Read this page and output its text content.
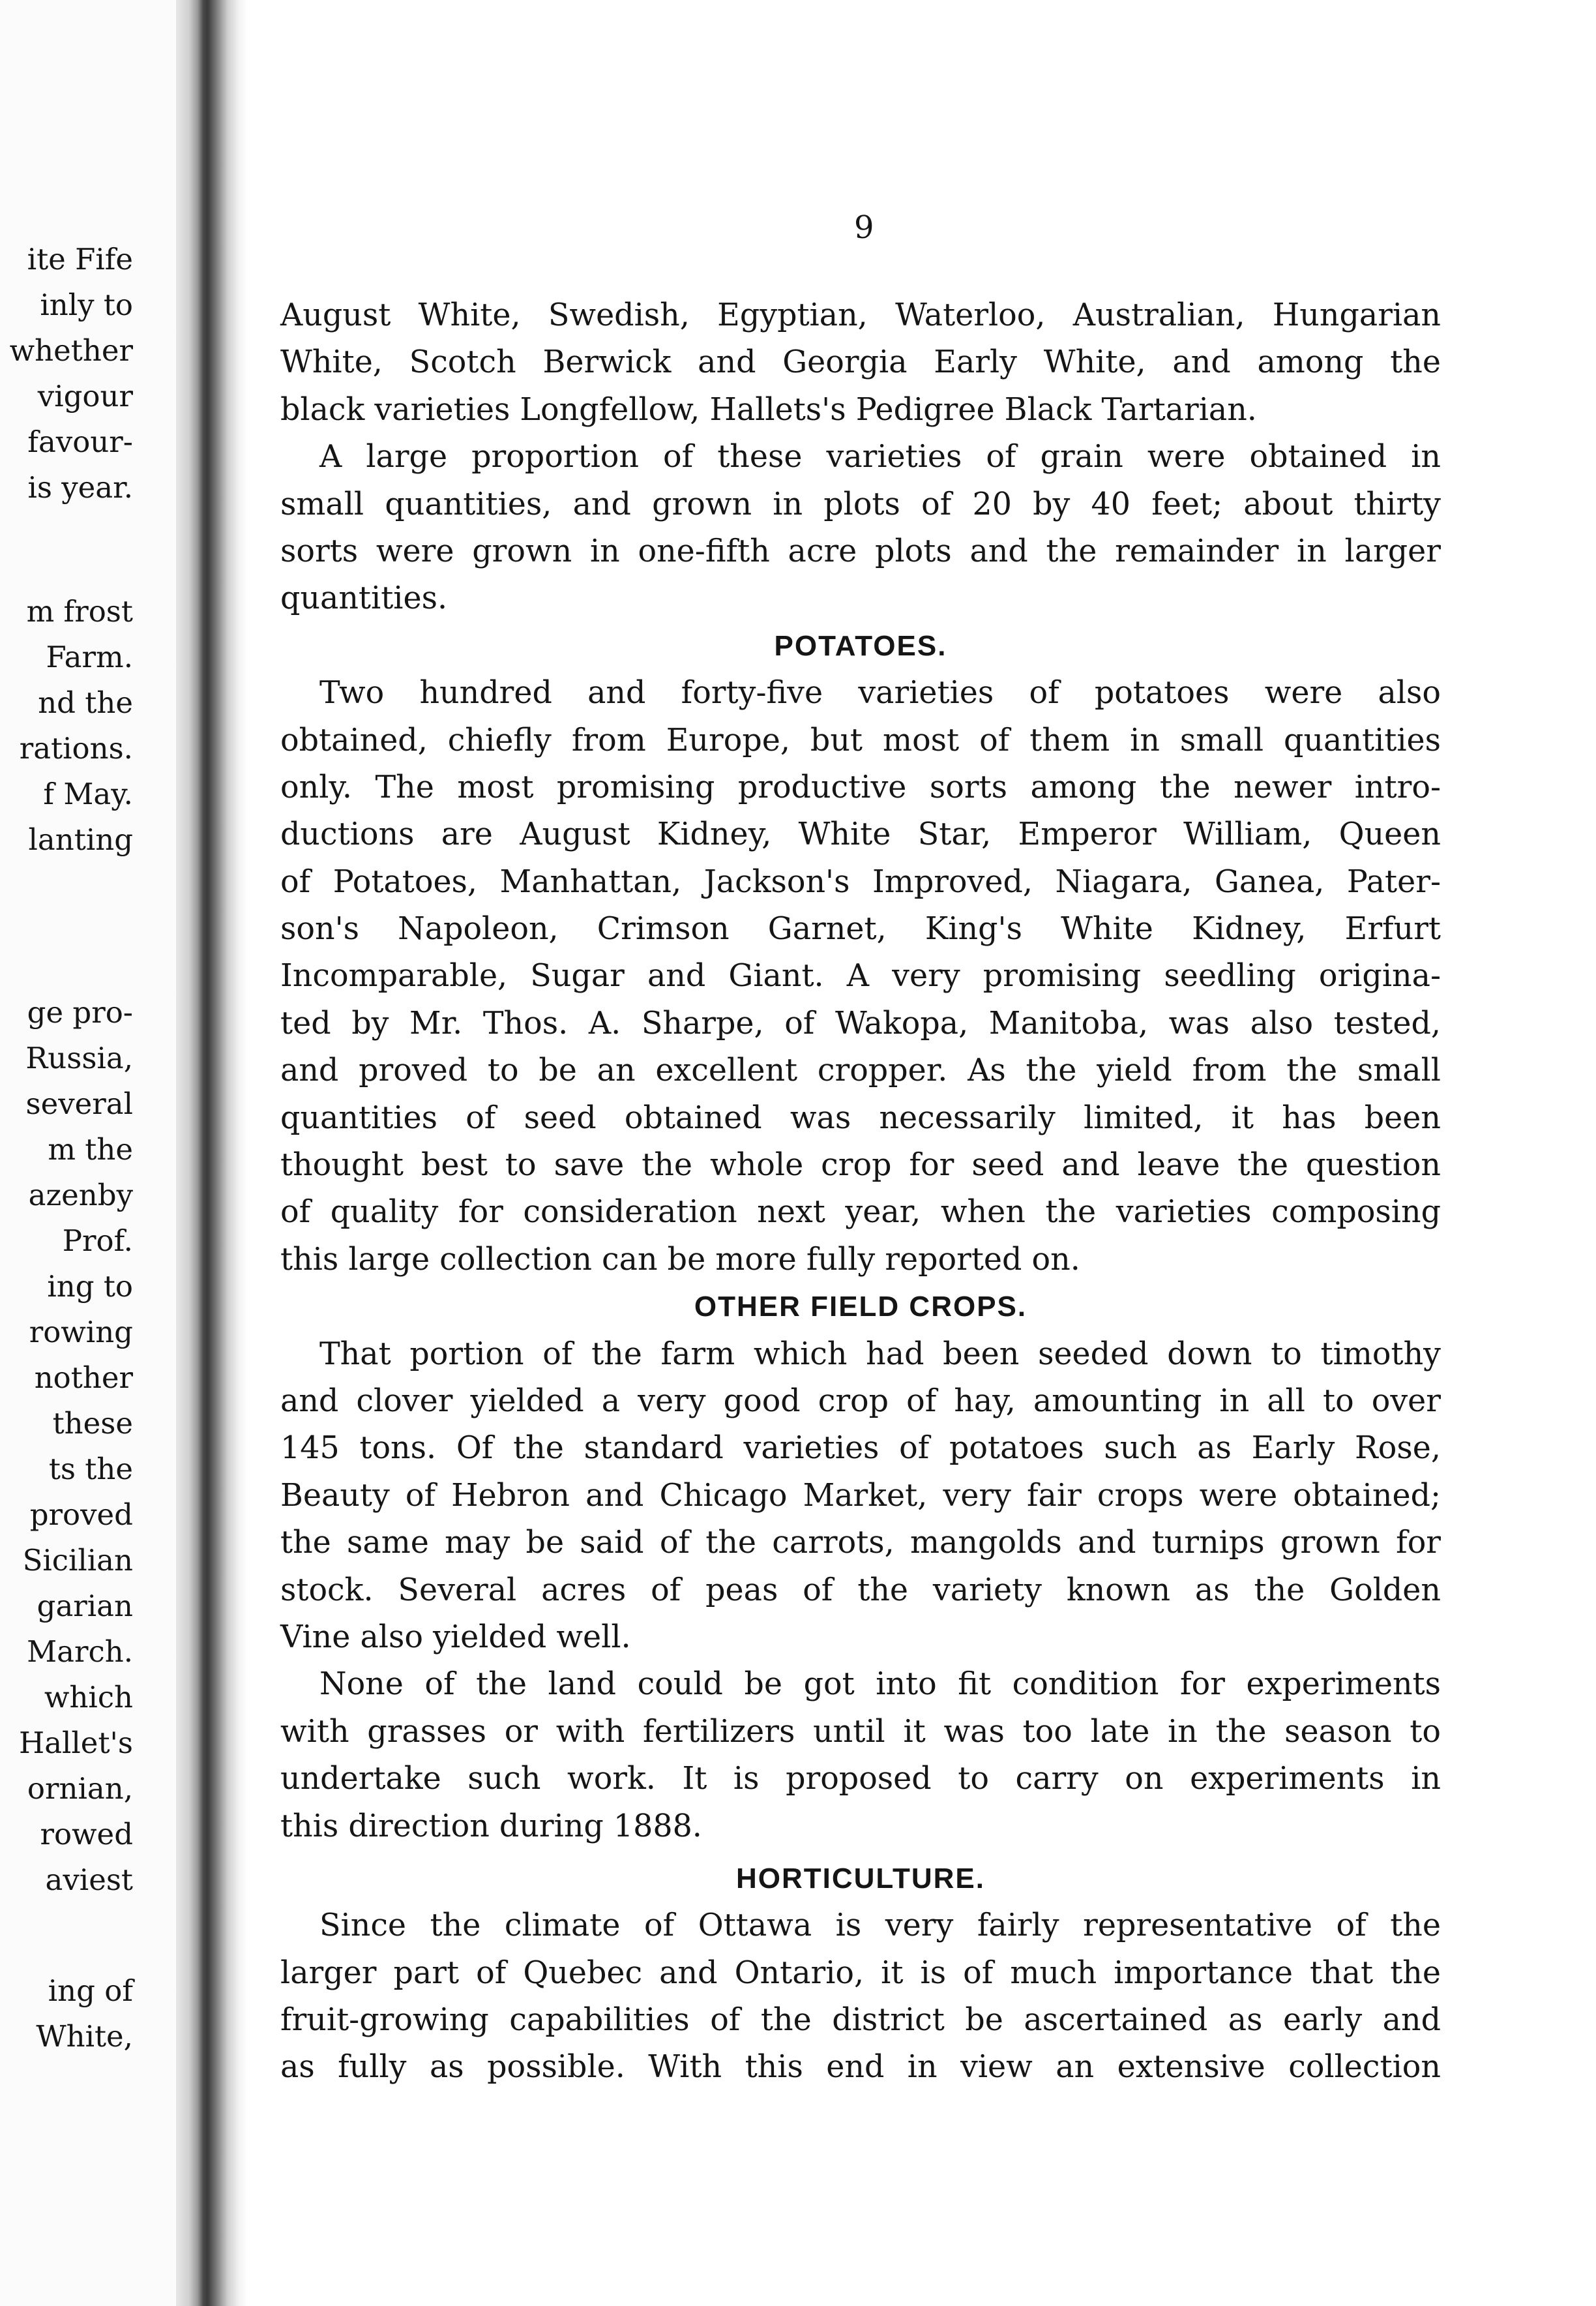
ite Fife
inly to
whether
vigour
favour-
is year.
m frost
Farm.
nd the
rations.
f May.
lanting
ge pro-
Russia,
several
m the
azenby
Prof.
ing to
rowing
nother
these
ts the
proved
Sicilian
garian
March.
which
Hallet's
ornian,
rowed
aviest
ing of
White,
9
August White, Swedish, Egyptian, Waterloo, Australian, Hungarian
White, Scotch Berwick and Georgia Early White, and among the
black varieties Longfellow, Hallets's Pedigree Black Tartarian.
A large proportion of these varieties of grain were obtained in
small quantities, and grown in plots of 20 by 40 feet; about thirty
sorts were grown in one-fifth acre plots and the remainder in larger
quantities.
POTATOES.
Two hundred and forty-five varieties of potatoes were also
obtained, chiefly from Europe, but most of them in small quantities
only. The most promising productive sorts among the newer intro-
ductions are August Kidney, White Star, Emperor William, Queen
of Potatoes, Manhattan, Jackson's Improved, Niagara, Ganea, Pater-
son's Napoleon, Crimson Garnet, King's White Kidney, Erfurt
Incomparable, Sugar and Giant. A very promising seedling origina-
ted by Mr. Thos. A. Sharpe, of Wakopa, Manitoba, was also tested,
and proved to be an excellent cropper. As the yield from the small
quantities of seed obtained was necessarily limited, it has been
thought best to save the whole crop for seed and leave the question
of quality for consideration next year, when the varieties composing
this large collection can be more fully reported on.
OTHER FIELD CROPS.
That portion of the farm which had been seeded down to timothy
and clover yielded a very good crop of hay, amounting in all to over
145 tons. Of the standard varieties of potatoes such as Early Rose,
Beauty of Hebron and Chicago Market, very fair crops were obtained;
the same may be said of the carrots, mangolds and turnips grown for
stock. Several acres of peas of the variety known as the Golden
Vine also yielded well.
None of the land could be got into fit condition for experiments
with grasses or with fertilizers until it was too late in the season to
undertake such work. It is proposed to carry on experiments in
this direction during 1888.
HORTICULTURE.
Since the climate of Ottawa is very fairly representative of the
larger part of Quebec and Ontario, it is of much importance that the
fruit-growing capabilities of the district be ascertained as early and
as fully as possible. With this end in view an extensive collection
